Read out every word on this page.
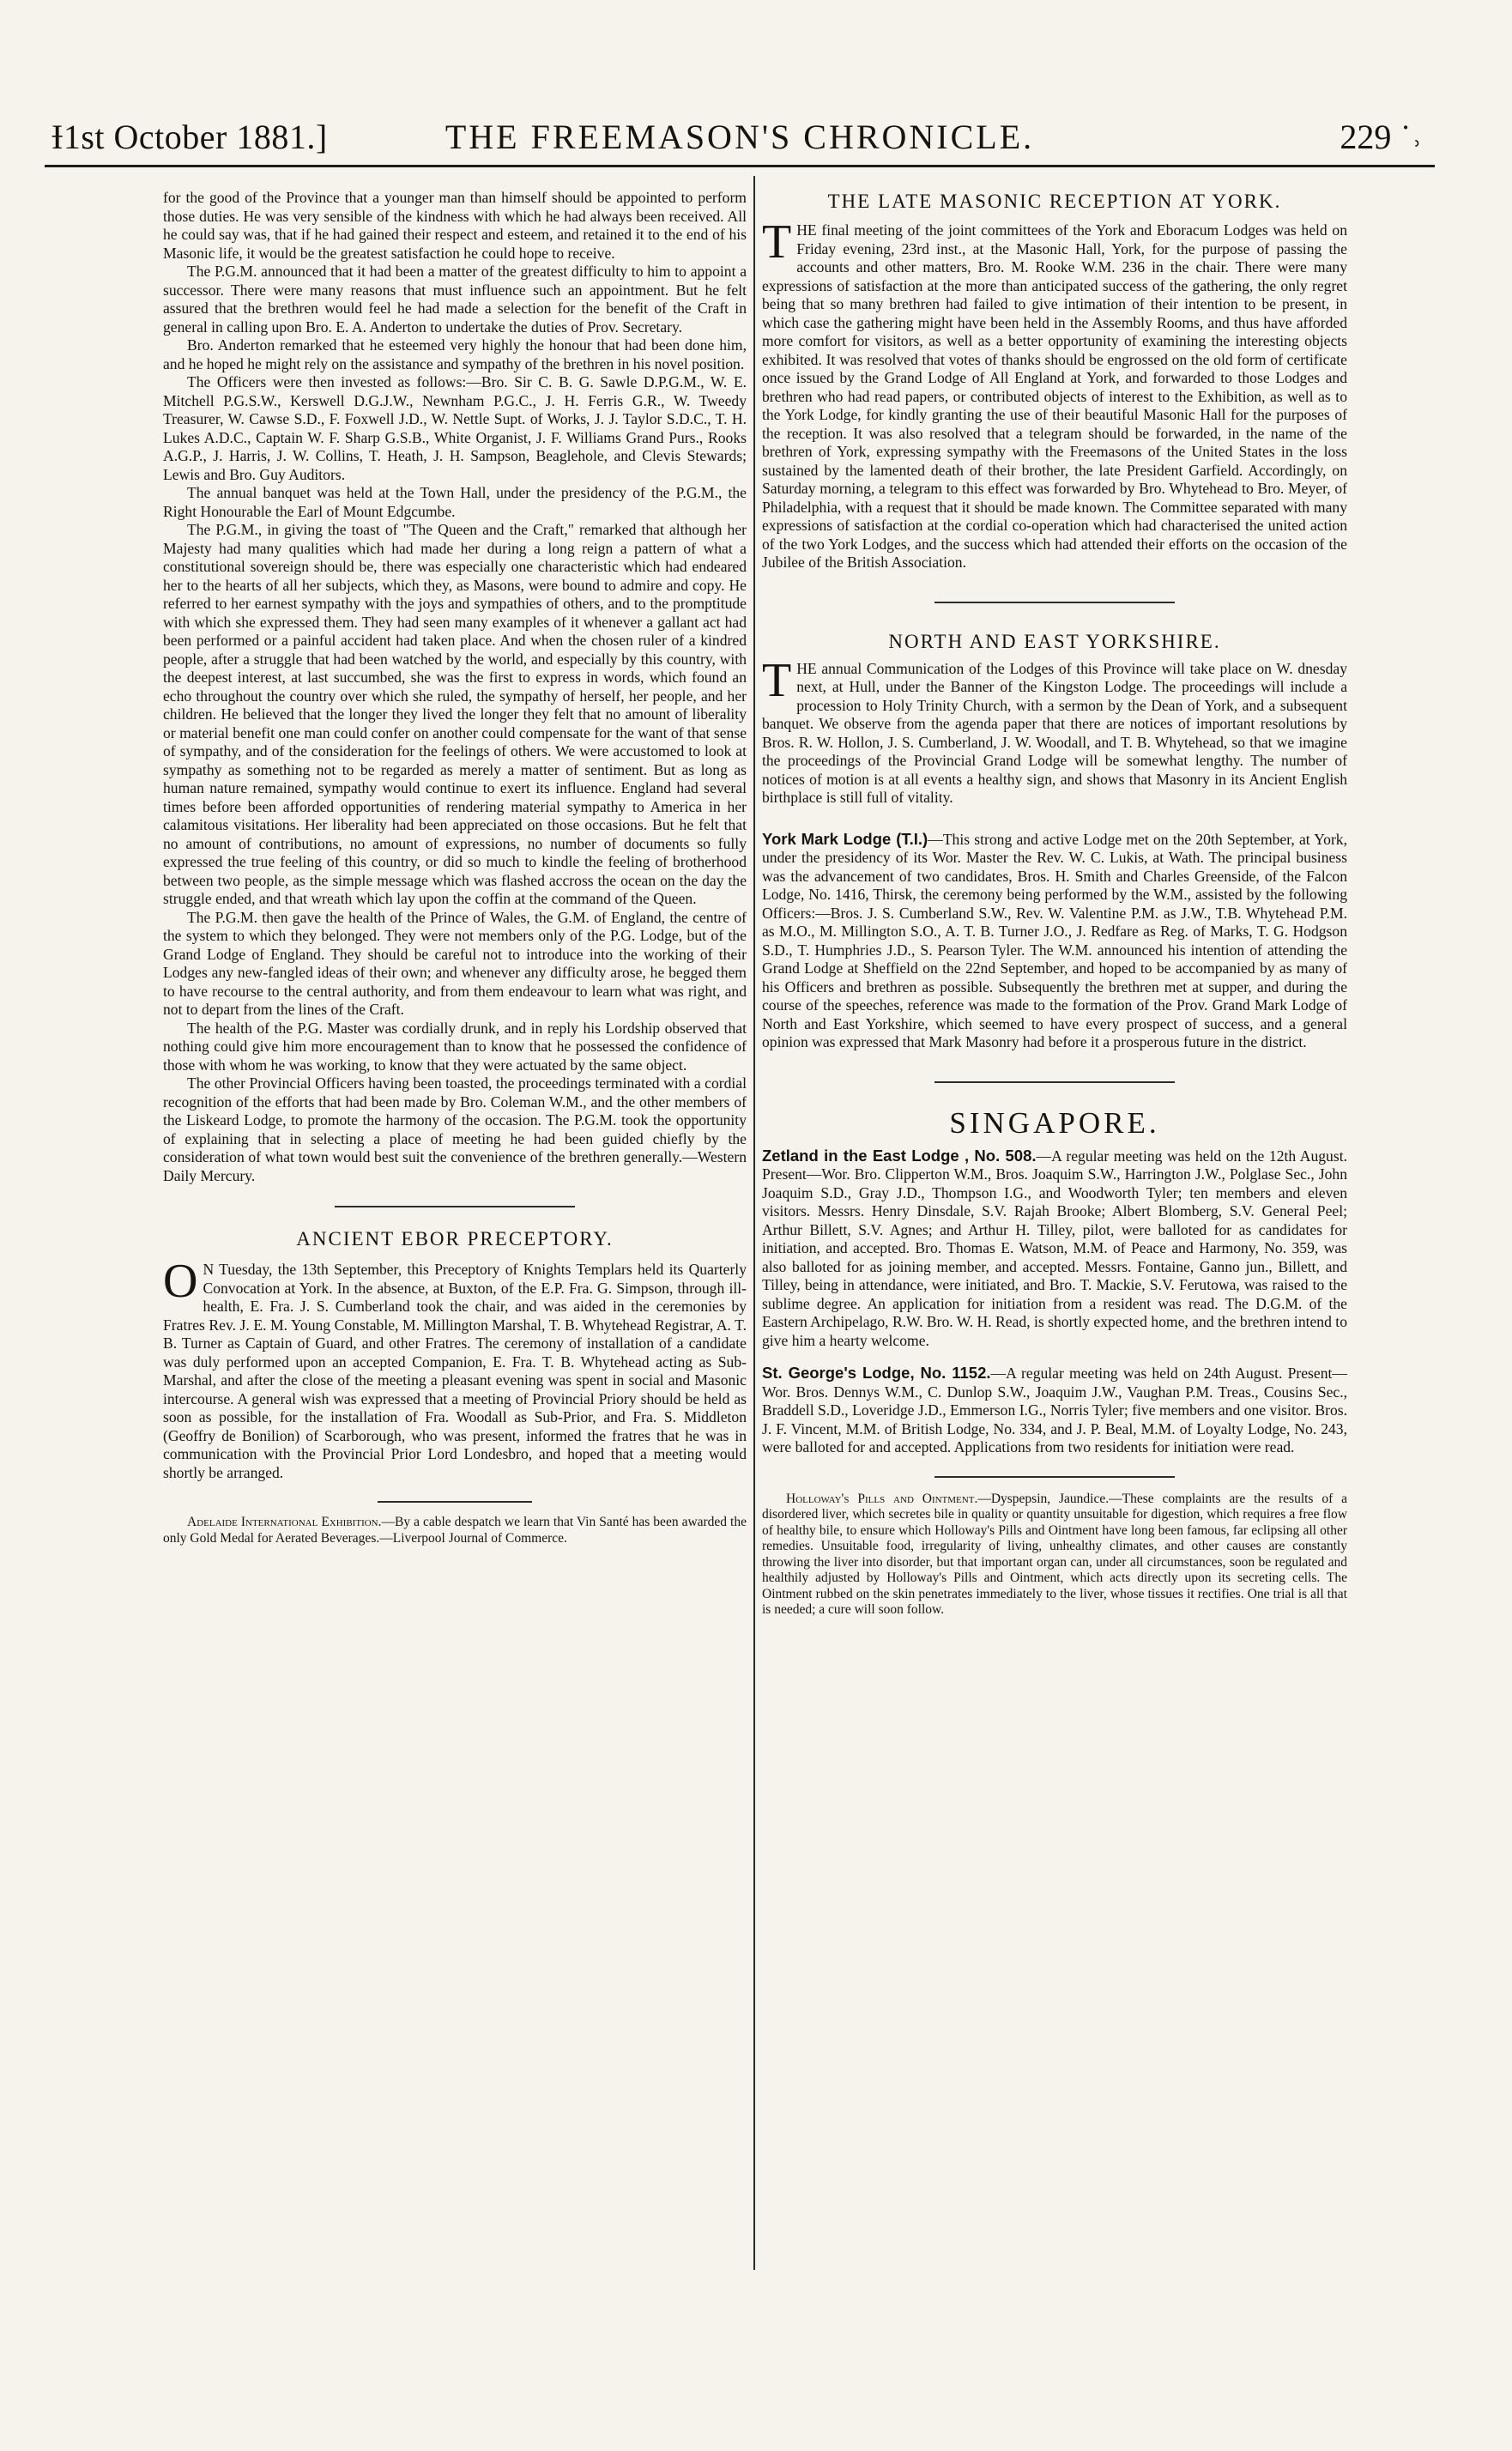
Ɨ1st October 1881.]	THE FREEMASON'S CHRONICLE.	229 ˙˒

for the good of the Province that a younger man than himself should be appointed to perform those duties. He was very sensible of the kindness with which he had always been received. All he could say was, that if he had gained their respect and esteem, and retained it to the end of his Masonic life, it would be the greatest satisfaction he could hope to receive.

The P.G.M. announced that it had been a matter of the greatest difficulty to him to appoint a successor. There were many reasons that must influence such an appointment. But he felt assured that the brethren would feel he had made a selection for the benefit of the Craft in general in calling upon Bro. E. A. Anderton to undertake the duties of Prov. Secretary.

Bro. Anderton remarked that he esteemed very highly the honour that had been done him, and he hoped he might rely on the assistance and sympathy of the brethren in his novel position.

The Officers were then invested as follows:—Bro. Sir C. B. G. Sawle D.P.G.M., W. E. Mitchell P.G.S.W., Kerswell D.G.J.W., Newnham P.G.C., J. H. Ferris G.R., W. Tweedy Treasurer, W. Cawse S.D., F. Foxwell J.D., W. Nettle Supt. of Works, J. J. Taylor S.D.C., T. H. Lukes A.D.C., Captain W. F. Sharp G.S.B., White Organist, J. F. Williams Grand Purs., Rooks A.G.P., J. Harris, J. W. Collins, T. Heath, J. H. Sampson, Beaglehole, and Clevis Stewards; Lewis and Bro. Guy Auditors.

The annual banquet was held at the Town Hall, under the presidency of the P.G.M., the Right Honourable the Earl of Mount Edgcumbe.

The P.G.M., in giving the toast of "The Queen and the Craft," remarked that although her Majesty had many qualities which had made her during a long reign a pattern of what a constitutional sovereign should be, there was especially one characteristic which had endeared her to the hearts of all her subjects, which they, as Masons, were bound to admire and copy. He referred to her earnest sympathy with the joys and sympathies of others, and to the promptitude with which she expressed them. They had seen many examples of it whenever a gallant act had been performed or a painful accident had taken place. And when the chosen ruler of a kindred people, after a struggle that had been watched by the world, and especially by this country, with the deepest interest, at last succumbed, she was the first to express in words, which found an echo throughout the country over which she ruled, the sympathy of herself, her people, and her children. He believed that the longer they lived the longer they felt that no amount of liberality or material benefit one man could confer on another could compensate for the want of that sense of sympathy, and of the consideration for the feelings of others. We were accustomed to look at sympathy as something not to be regarded as merely a matter of sentiment. But as long as human nature remained, sympathy would continue to exert its influence. England had several times before been afforded opportunities of rendering material sympathy to America in her calamitous visitations. Her liberality had been appreciated on those occasions. But he felt that no amount of contributions, no amount of expressions, no number of documents so fully expressed the true feeling of this country, or did so much to kindle the feeling of brotherhood between two people, as the simple message which was flashed accross the ocean on the day the struggle ended, and that wreath which lay upon the coffin at the command of the Queen.

The P.G.M. then gave the health of the Prince of Wales, the G.M. of England, the centre of the system to which they belonged. They were not members only of the P.G. Lodge, but of the Grand Lodge of England. They should be careful not to introduce into the working of their Lodges any new-fangled ideas of their own; and whenever any difficulty arose, he begged them to have recourse to the central authority, and from them endeavour to learn what was right, and not to depart from the lines of the Craft.

The health of the P.G. Master was cordially drunk, and in reply his Lordship observed that nothing could give him more encouragement than to know that he possessed the confidence of those with whom he was working, to know that they were actuated by the same object.

The other Provincial Officers having been toasted, the proceedings terminated with a cordial recognition of the efforts that had been made by Bro. Coleman W.M., and the other members of the Liskeard Lodge, to promote the harmony of the occasion. The P.G.M. took the opportunity of explaining that in selecting a place of meeting he had been guided chiefly by the consideration of what town would best suit the convenience of the brethren generally.—Western Daily Mercury.

ANCIENT EBOR PRECEPTORY.

ON Tuesday, the 13th September, this Preceptory of Knights Templars held its Quarterly Convocation at York. In the absence, at Buxton, of the E.P. Fra. G. Simpson, through ill-health, E. Fra. J. S. Cumberland took the chair, and was aided in the ceremonies by Fratres Rev. J. E. M. Young Constable, M. Millington Marshal, T. B. Whytehead Registrar, A. T. B. Turner as Captain of Guard, and other Fratres. The ceremony of installation of a candidate was duly performed upon an accepted Companion, E. Fra. T. B. Whytehead acting as Sub-Marshal, and after the close of the meeting a pleasant evening was spent in social and Masonic intercourse. A general wish was expressed that a meeting of Provincial Priory should be held as soon as possible, for the installation of Fra. Woodall as Sub-Prior, and Fra. S. Middleton (Geoffry de Bonilion) of Scarborough, who was present, informed the fratres that he was in communication with the Provincial Prior Lord Londesbro, and hoped that a meeting would shortly be arranged.

Adelaide International Exhibition.—By a cable despatch we learn that Vin Santé has been awarded the only Gold Medal for Aerated Beverages.—Liverpool Journal of Commerce.

THE LATE MASONIC RECEPTION AT YORK.

THE final meeting of the joint committees of the York and Eboracum Lodges was held on Friday evening, 23rd inst., at the Masonic Hall, York, for the purpose of passing the accounts and other matters, Bro. M. Rooke W.M. 236 in the chair. There were many expressions of satisfaction at the more than anticipated success of the gathering, the only regret being that so many brethren had failed to give intimation of their intention to be present, in which case the gathering might have been held in the Assembly Rooms, and thus have afforded more comfort for visitors, as well as a better opportunity of examining the interesting objects exhibited. It was resolved that votes of thanks should be engrossed on the old form of certificate once issued by the Grand Lodge of All England at York, and forwarded to those Lodges and brethren who had read papers, or contributed objects of interest to the Exhibition, as well as to the York Lodge, for kindly granting the use of their beautiful Masonic Hall for the purposes of the reception. It was also resolved that a telegram should be forwarded, in the name of the brethren of York, expressing sympathy with the Freemasons of the United States in the loss sustained by the lamented death of their brother, the late President Garfield. Accordingly, on Saturday morning, a telegram to this effect was forwarded by Bro. Whytehead to Bro. Meyer, of Philadelphia, with a request that it should be made known. The Committee separated with many expressions of satisfaction at the cordial co-operation which had characterised the united action of the two York Lodges, and the success which had attended their efforts on the occasion of the Jubilee of the British Association.

NORTH AND EAST YORKSHIRE.

THE annual Communication of the Lodges of this Province will take place on W. dnesday next, at Hull, under the Banner of the Kingston Lodge. The proceedings will include a procession to Holy Trinity Church, with a sermon by the Dean of York, and a subsequent banquet. We observe from the agenda paper that there are notices of important resolutions by Bros. R. W. Hollon, J. S. Cumberland, J. W. Woodall, and T. B. Whytehead, so that we imagine the proceedings of the Provincial Grand Lodge will be somewhat lengthy. The number of notices of motion is at all events a healthy sign, and shows that Masonry in its Ancient English birthplace is still full of vitality.

York Mark Lodge (T.I.)—This strong and active Lodge met on the 20th September, at York, under the presidency of its Wor. Master the Rev. W. C. Lukis, at Wath. The principal business was the advancement of two candidates, Bros. H. Smith and Charles Greenside, of the Falcon Lodge, No. 1416, Thirsk, the ceremony being performed by the W.M., assisted by the following Officers:—Bros. J. S. Cumberland S.W., Rev. W. Valentine P.M. as J.W., T.B. Whytehead P.M. as M.O., M. Millington S.O., A. T. B. Turner J.O., J. Redfare as Reg. of Marks, T. G. Hodgson S.D., T. Humphries J.D., S. Pearson Tyler. The W.M. announced his intention of attending the Grand Lodge at Sheffield on the 22nd September, and hoped to be accompanied by as many of his Officers and brethren as possible. Subsequently the brethren met at supper, and during the course of the speeches, reference was made to the formation of the Prov. Grand Mark Lodge of North and East Yorkshire, which seemed to have every prospect of success, and a general opinion was expressed that Mark Masonry had before it a prosperous future in the district.

SINGAPORE.

Zetland in the East Lodge , No. 508.—A regular meeting was held on the 12th August. Present—Wor. Bro. Clipperton W.M., Bros. Joaquim S.W., Harrington J.W., Polglase Sec., John Joaquim S.D., Gray J.D., Thompson I.G., and Woodworth Tyler; ten members and eleven visitors. Messrs. Henry Dinsdale, S.V. Rajah Brooke; Albert Blomberg, S.V. General Peel; Arthur Billett, S.V. Agnes; and Arthur H. Tilley, pilot, were balloted for as candidates for initiation, and accepted. Bro. Thomas E. Watson, M.M. of Peace and Harmony, No. 359, was also balloted for as joining member, and accepted. Messrs. Fontaine, Ganno jun., Billett, and Tilley, being in attendance, were initiated, and Bro. T. Mackie, S.V. Ferutowa, was raised to the sublime degree. An application for initiation from a resident was read. The D.G.M. of the Eastern Archipelago, R.W. Bro. W. H. Read, is shortly expected home, and the brethren intend to give him a hearty welcome.

St. George's Lodge, No. 1152.—A regular meeting was held on 24th August. Present—Wor. Bros. Dennys W.M., C. Dunlop S.W., Joaquim J.W., Vaughan P.M. Treas., Cousins Sec., Braddell S.D., Loveridge J.D., Emmerson I.G., Norris Tyler; five members and one visitor. Bros. J. F. Vincent, M.M. of British Lodge, No. 334, and J. P. Beal, M.M. of Loyalty Lodge, No. 243, were balloted for and accepted. Applications from two residents for initiation were read.

Holloway's Pills and Ointment.—Dyspepsin, Jaundice.—These complaints are the results of a disordered liver, which secretes bile in quality or quantity unsuitable for digestion, which requires a free flow of healthy bile, to ensure which Holloway's Pills and Ointment have long been famous, far eclipsing all other remedies. Unsuitable food, irregularity of living, unhealthy climates, and other causes are constantly throwing the liver into disorder, but that important organ can, under all circumstances, soon be regulated and healthily adjusted by Holloway's Pills and Ointment, which acts directly upon its secreting cells. The Ointment rubbed on the skin penetrates immediately to the liver, whose tissues it rectifies. One trial is all that is needed; a cure will soon follow.
